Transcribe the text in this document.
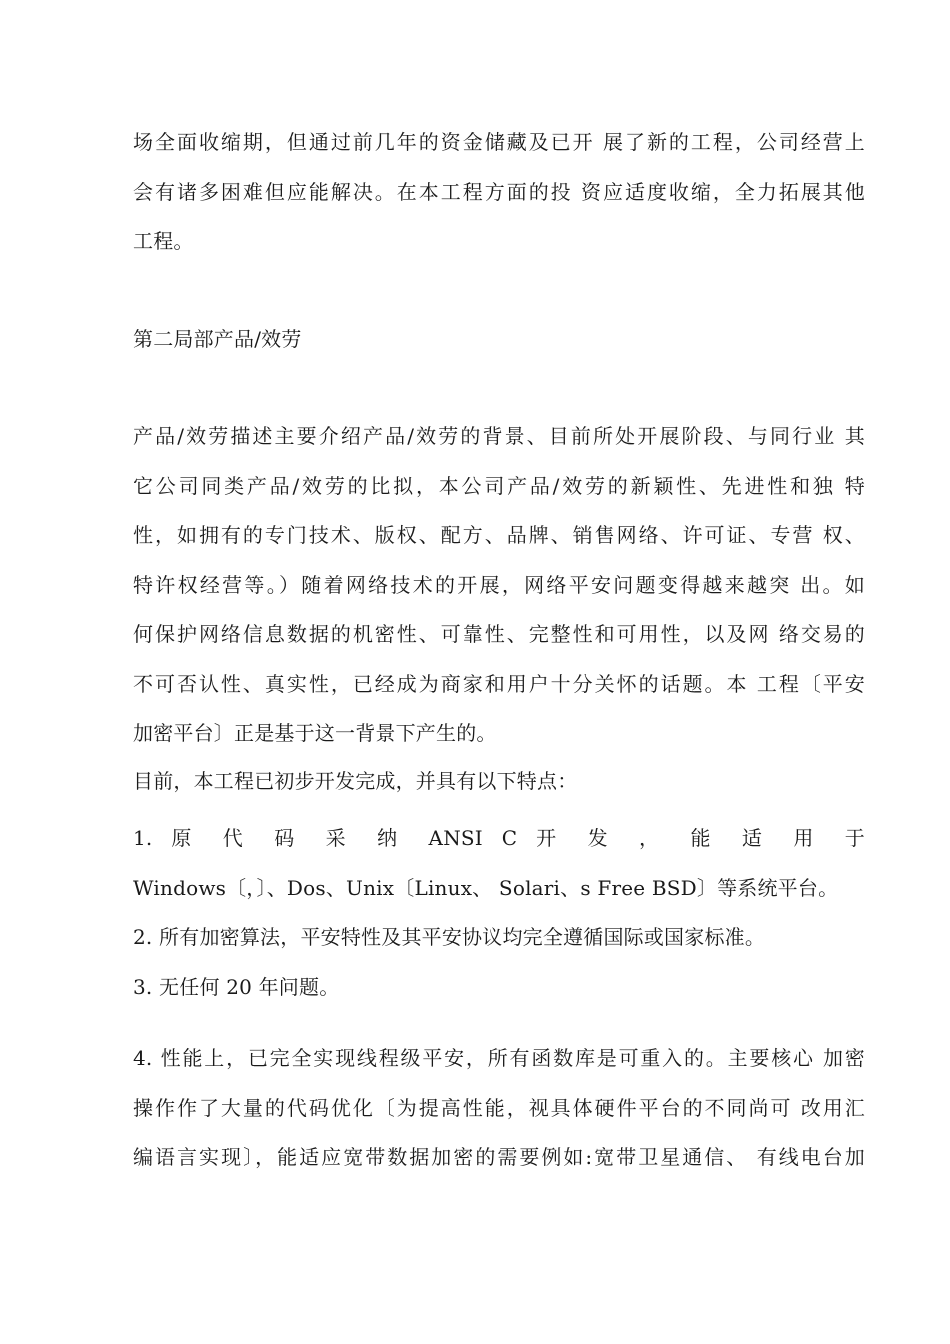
场全面收缩期，但通过前几年的资金储藏及已开 展了新的工程，公司经营上
会有诸多困难但应能解决。在本工程方面的投 资应适度收缩，全力拓展其他
工程。
第二局部产品/效劳
产品/效劳描述主要介绍产品/效劳的背景、目前所处开展阶段、与同行业 其
它公司同类产品/效劳的比拟，本公司产品/效劳的新颖性、先进性和独 特
性，如拥有的专门技术、版权、配方、品牌、销售网络、许可证、专营 权、
特许权经营等。）随着网络技术的开展，网络平安问题变得越来越突 出。如
何保护网络信息数据的机密性、可靠性、完整性和可用性，以及网 络交易的
不可否认性、真实性，已经成为商家和用户十分关怀的话题。本 工程〔平安
加密平台〕正是基于这一背景下产生的。
目前，本工程已初步开发完成，并具有以下特点：
1. 原 代 码 采 纳 ANSI C 开 发 ， 能 适 用 于
Windows〔，〕、Dos、Unix〔Linux、 Solari、s Free BSD〕等系统平台。
2. 所有加密算法，平安特性及其平安协议均完全遵循国际或国家标准。
3. 无任何 20 年问题。
4. 性能上，已完全实现线程级平安，所有函数库是可重入的。主要核心 加密
操作作了大量的代码优化〔为提高性能，视具体硬件平台的不同尚可 改用汇
编语言实现〕，能适应宽带数据加密的需要例如:宽带卫星通信、 有线电台加
